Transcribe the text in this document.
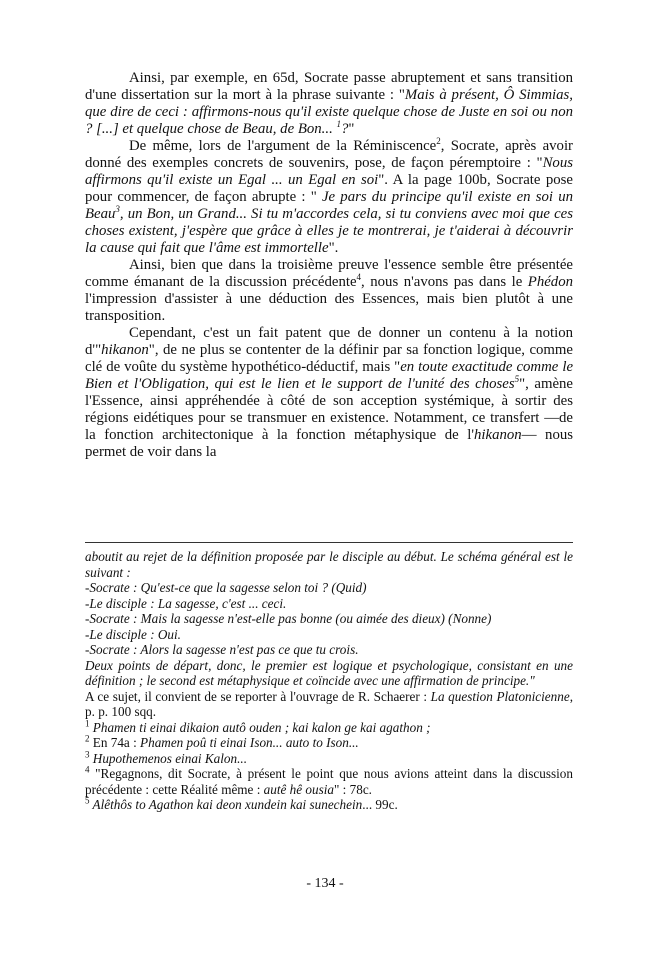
Ainsi, par exemple, en 65d, Socrate passe abruptement et sans transition d'une dissertation sur la mort à la phrase suivante : "Mais à présent, Ô Simmias, que dire de ceci : affirmons-nous qu'il existe quelque chose de Juste en soi ou non ? [...] et quelque chose de Beau, de Bon... $^1$?"

De même, lors de l'argument de la Réminiscence$^2$, Socrate, après avoir donné des exemples concrets de souvenirs, pose, de façon péremptoire : "Nous affirmons qu'il existe un Egal ... un Egal en soi". A la page 100b, Socrate pose pour commencer, de façon abrupte : " Je pars du principe qu'il existe en soi un Beau$^3$, un Bon, un Grand... Si tu m'accordes cela, si tu conviens avec moi que ces choses existent, j'espère que grâce à elles je te montrerai, je t'aiderai à découvrir la cause qui fait que l'âme est immortelle".

Ainsi, bien que dans la troisième preuve l'essence semble être présentée comme émanant de la discussion précédente$^4$, nous n'avons pas dans le Phédon l'impression d'assister à une déduction des Essences, mais bien plutôt à une transposition.

Cependant, c'est un fait patent que de donner un contenu à la notion d'"hikanon", de ne plus se contenter de la définir par sa fonction logique, comme clé de voûte du système hypothético-déductif, mais "en toute exactitude comme le Bien et l'Obligation, qui est le lien et le support de l'unité des choses$^5$", amène l'Essence, ainsi appréhendée à côté de son acception systémique, à sortir des régions eidétiques pour se transmuer en existence. Notamment, ce transfert —de la fonction architectonique à la fonction métaphysique de l'hikanon— nous permet de voir dans la

aboutit au rejet de la définition proposée par le disciple au début. Le schéma général est le suivant :

-Socrate : Qu'est-ce que la sagesse selon toi ? (Quid)

-Le disciple : La sagesse, c'est ... ceci.

-Socrate : Mais la sagesse n'est-elle pas bonne (ou aimée des dieux) (Nonne)

-Le disciple : Oui.

-Socrate : Alors la sagesse n'est pas ce que tu crois.

Deux points de départ, donc, le premier est logique et psychologique, consistant en une définition ; le second est métaphysique et coïncide avec une affirmation de principe."

A ce sujet, il convient de se reporter à l'ouvrage de R. Schaerer : La question Platonicienne, p. p. 100 sqq.

$^1$ Phamen ti einai dikaion autô ouden ; kai kalon ge kai agathon ;

$^2$ En 74a : Phamen poû ti einai Ison... auto to Ison...

$^3$ Hupothemenos einai Kalon...

$^4$ "Regagnons, dit Socrate, à présent le point que nous avions atteint dans la discussion précédente : cette Réalité même : autê hê ousia" : 78c.

$^5$ Alêthôs to Agathon kai deon xundein kai sunechein... 99c.

- 134 -
